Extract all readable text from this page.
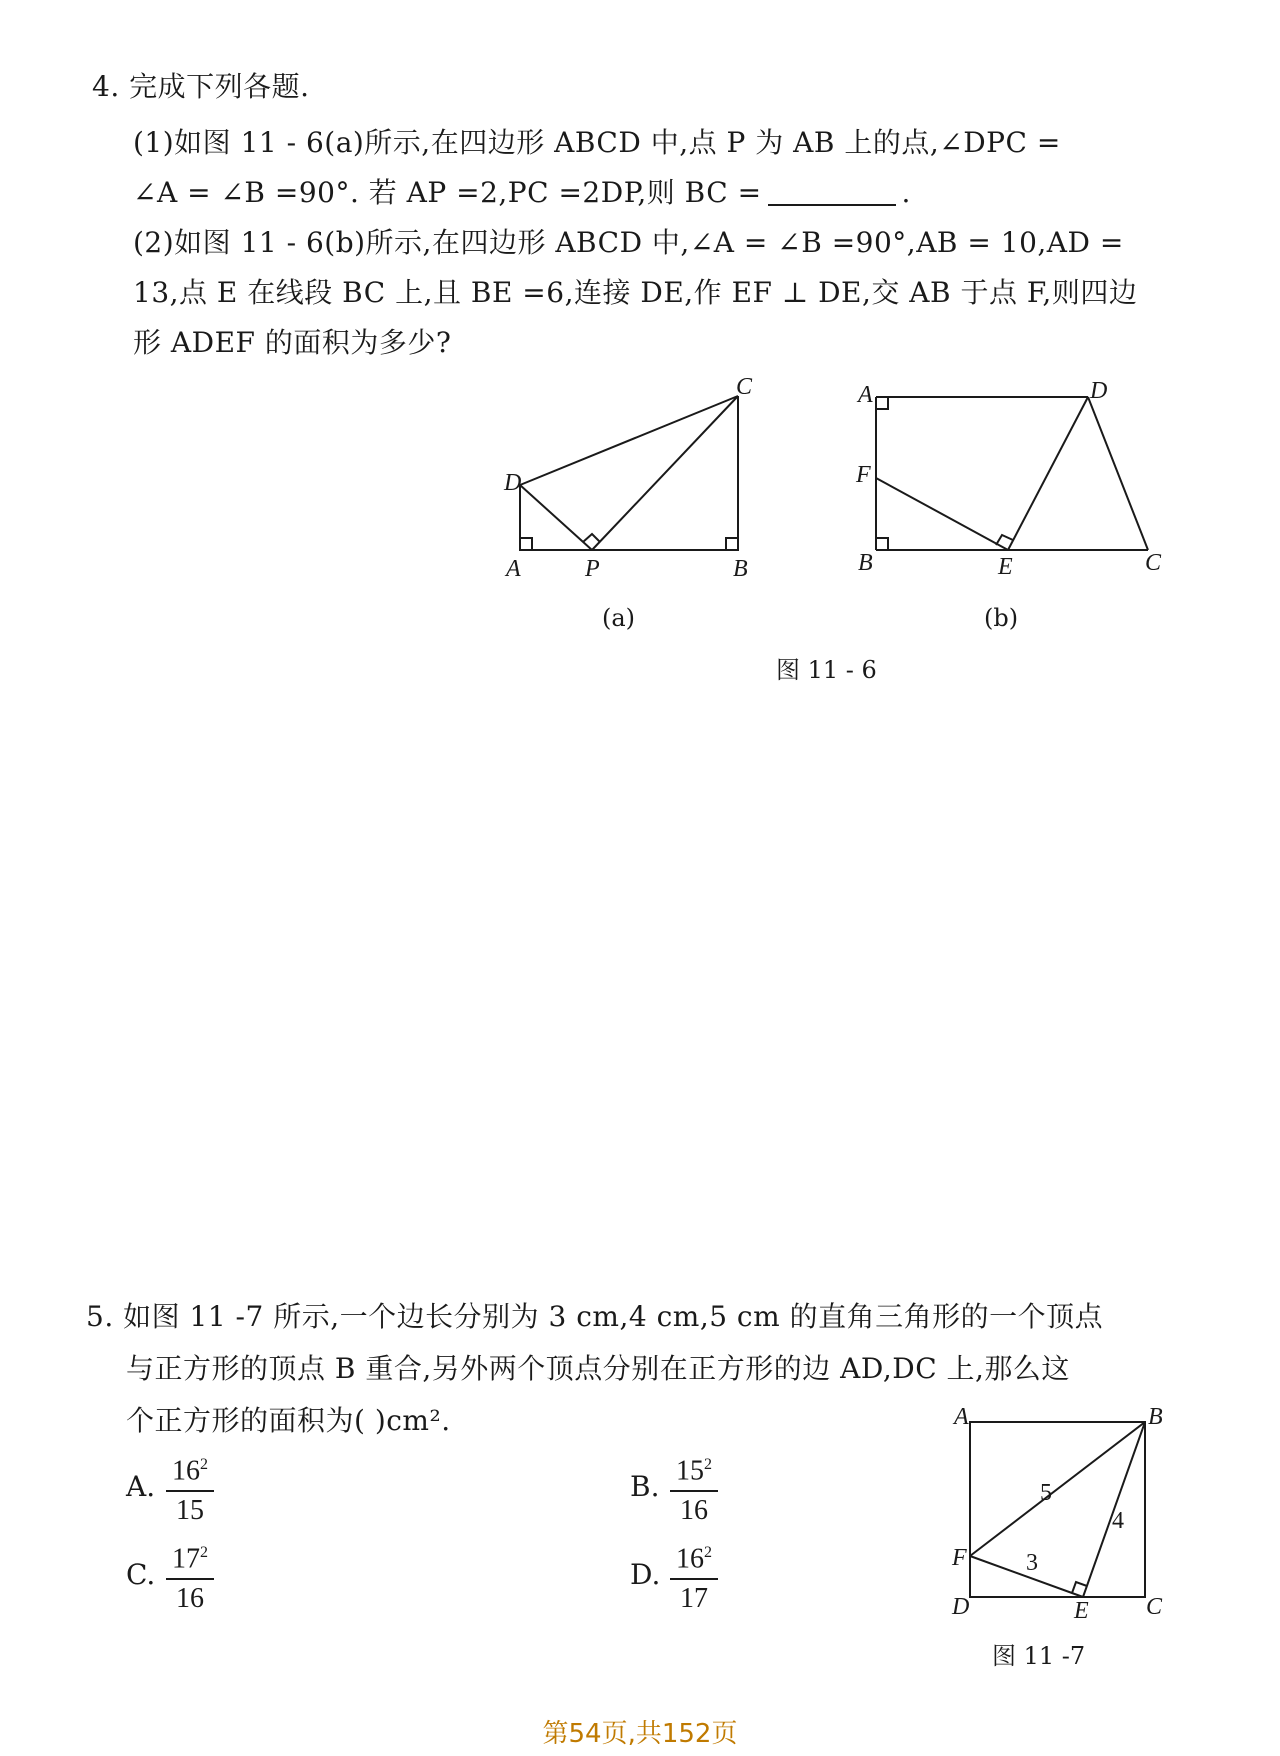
4. 完成下列各题.
(1)如图 11 - 6(a)所示,在四边形 ABCD 中,点 P 为 AB 上的点,∠DPC =
∠A = ∠B =90°. 若 AP =2,PC =2DP,则 BC =	.
(2)如图 11 - 6(b)所示,在四边形 ABCD 中,∠A = ∠B =90°,AB = 10,AD =
13,点 E 在线段 BC 上,且 BE =6,连接 DE,作 EF ⊥ DE,交 AB 于点 F,则四边
形 ADEF 的面积为多少?
D
A	P	B
C	A
F
B	E	C
D
(a)	(b)
图 11 - 6
5. 如图 11 -7 所示,一个边长分别为 3 cm,4 cm,5 cm 的直角三角形的一个顶点
与正方形的顶点 B 重合,另外两个顶点分别在正方形的边 AD,DC 上,那么这
个正方形的面积为( )cm².
A. $16^2$
15
B. $15^2$
16
C. $17^2$
16
D. $16^2$
17
A	B
F
D	E C
5
4
3
图 11 -7
第54页,共152页
